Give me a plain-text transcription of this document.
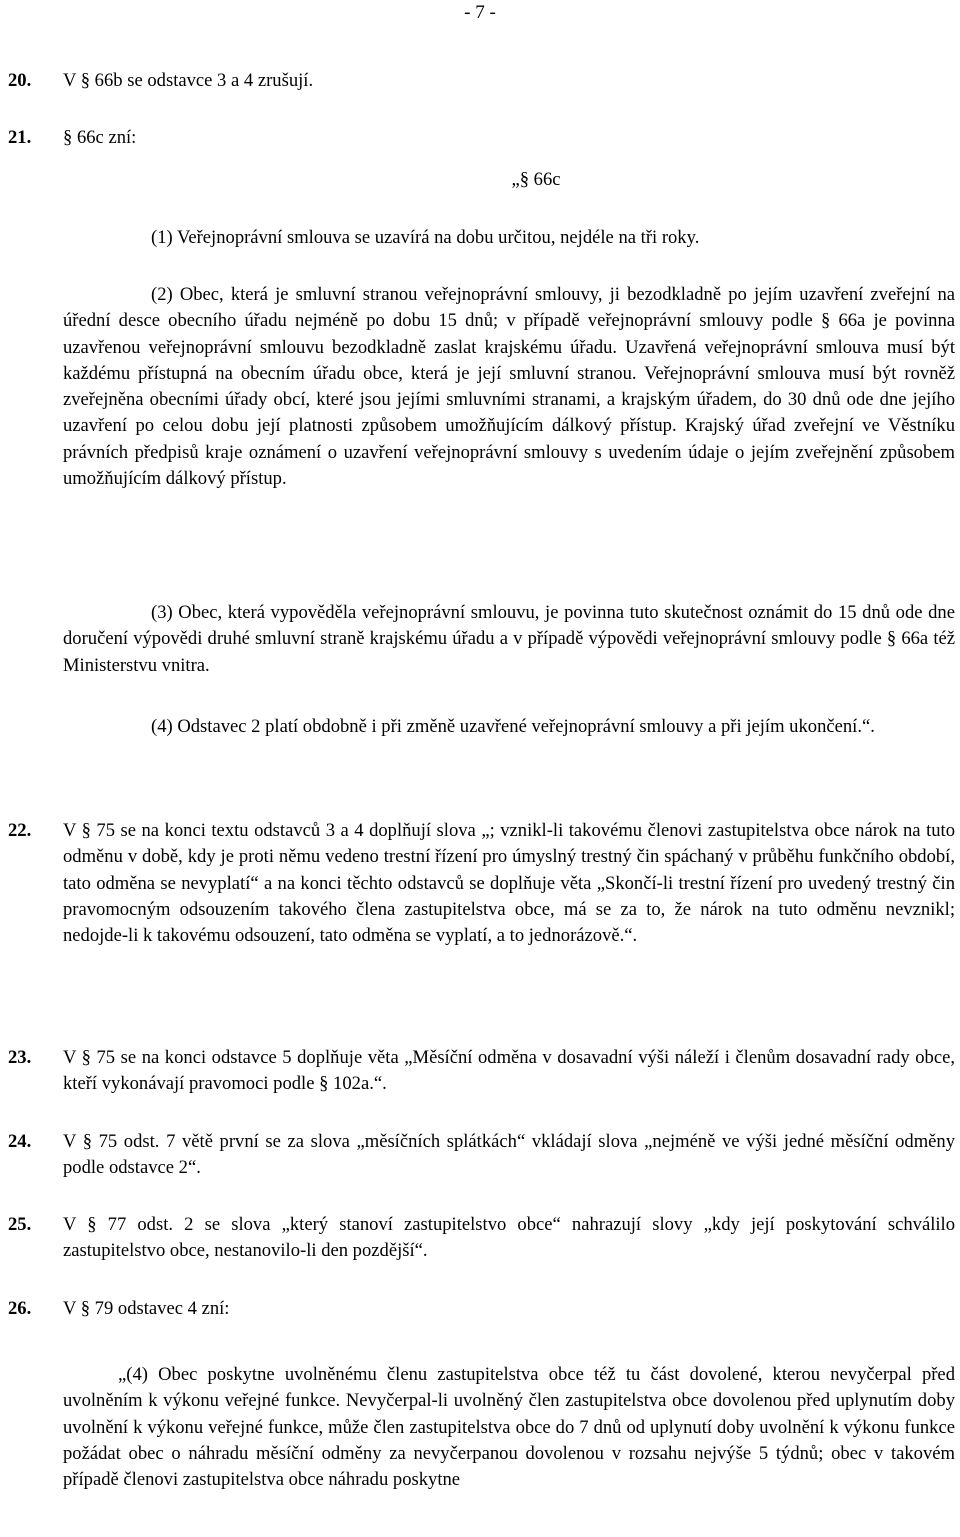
- 7 -
20. V § 66b se odstavce 3 a 4 zrušují.
21. § 66c zní:
„§ 66c
(1) Veřejnoprávní smlouva se uzavírá na dobu určitou, nejdéle na tři roky.
(2) Obec, která je smluvní stranou veřejnoprávní smlouvy, ji bezodkladně po jejím uzavření zveřejní na úřední desce obecního úřadu nejméně po dobu 15 dnů; v případě veřejnoprávní smlouvy podle § 66a je povinna uzavřenou veřejnoprávní smlouvu bezodkladně zaslat krajskému úřadu. Uzavřená veřejnoprávní smlouva musí být každému přístupná na obecním úřadu obce, která je její smluvní stranou. Veřejnoprávní smlouva musí být rovněž zveřejněna obecními úřady obcí, které jsou jejími smluvními stranami, a krajským úřadem, do 30 dnů ode dne jejího uzavření po celou dobu její platnosti způsobem umožňujícím dálkový přístup. Krajský úřad zveřejní ve Věstníku právních předpisů kraje oznámení o uzavření veřejnoprávní smlouvy s uvedením údaje o jejím zveřejnění způsobem umožňujícím dálkový přístup.
(3) Obec, která vypověděla veřejnoprávní smlouvu, je povinna tuto skutečnost oznámit do 15 dnů ode dne doručení výpovědi druhé smluvní straně krajskému úřadu a v případě výpovědi veřejnoprávní smlouvy podle § 66a též Ministerstvu vnitra.
(4) Odstavec 2 platí obdobně i při změně uzavřené veřejnoprávní smlouvy a při jejím ukončení.“.
22. V § 75 se na konci textu odstavců 3 a 4 doplňují slova „; vznikl-li takovému členovi zastupitelstva obce nárok na tuto odměnu v době, kdy je proti němu vedeno trestní řízení pro úmyslný trestný čin spáchaný v průběhu funkčního období, tato odměna se nevyplatí“ a na konci těchto odstavců se doplňuje věta „Skončí-li trestní řízení pro uvedený trestný čin pravomocným odsouzením takového člena zastupitelstva obce, má se za to, že nárok na tuto odměnu nevznikl; nedojde-li k takovému odsouzení, tato odměna se vyplatí, a to jednorázově.“.
23. V § 75 se na konci odstavce 5 doplňuje věta „Měsíční odměna v dosavadní výši náleží i členům dosavadní rady obce, kteří vykonávají pravomoci podle § 102a.“.
24. V § 75 odst. 7 větě první se za slova „měsíčních splátkách“ vkládají slova „nejméně ve výši jedné měsíční odměny podle odstavce 2“.
25. V § 77 odst. 2 se slova „který stanoví zastupitelstvo obce“ nahrazují slovy „kdy její poskytování schválilo zastupitelstvo obce, nestanovilo-li den pozdější“.
26. V § 79 odstavec 4 zní:
„(4) Obec poskytne uvolněnému členu zastupitelstva obce též tu část dovolené, kterou nevyčerpal před uvolněním k výkonu veřejné funkce. Nevyčerpal-li uvolněný člen zastupitelstva obce dovolenou před uplynutím doby uvolnění k výkonu veřejné funkce, může člen zastupitelstva obce do 7 dnů od uplynutí doby uvolnění k výkonu funkce požádat obec o náhradu měsíční odměny za nevyčerpanou dovolenou v rozsahu nejvýše 5 týdnů; obec v takovém případě členovi zastupitelstva obce náhradu poskytne
